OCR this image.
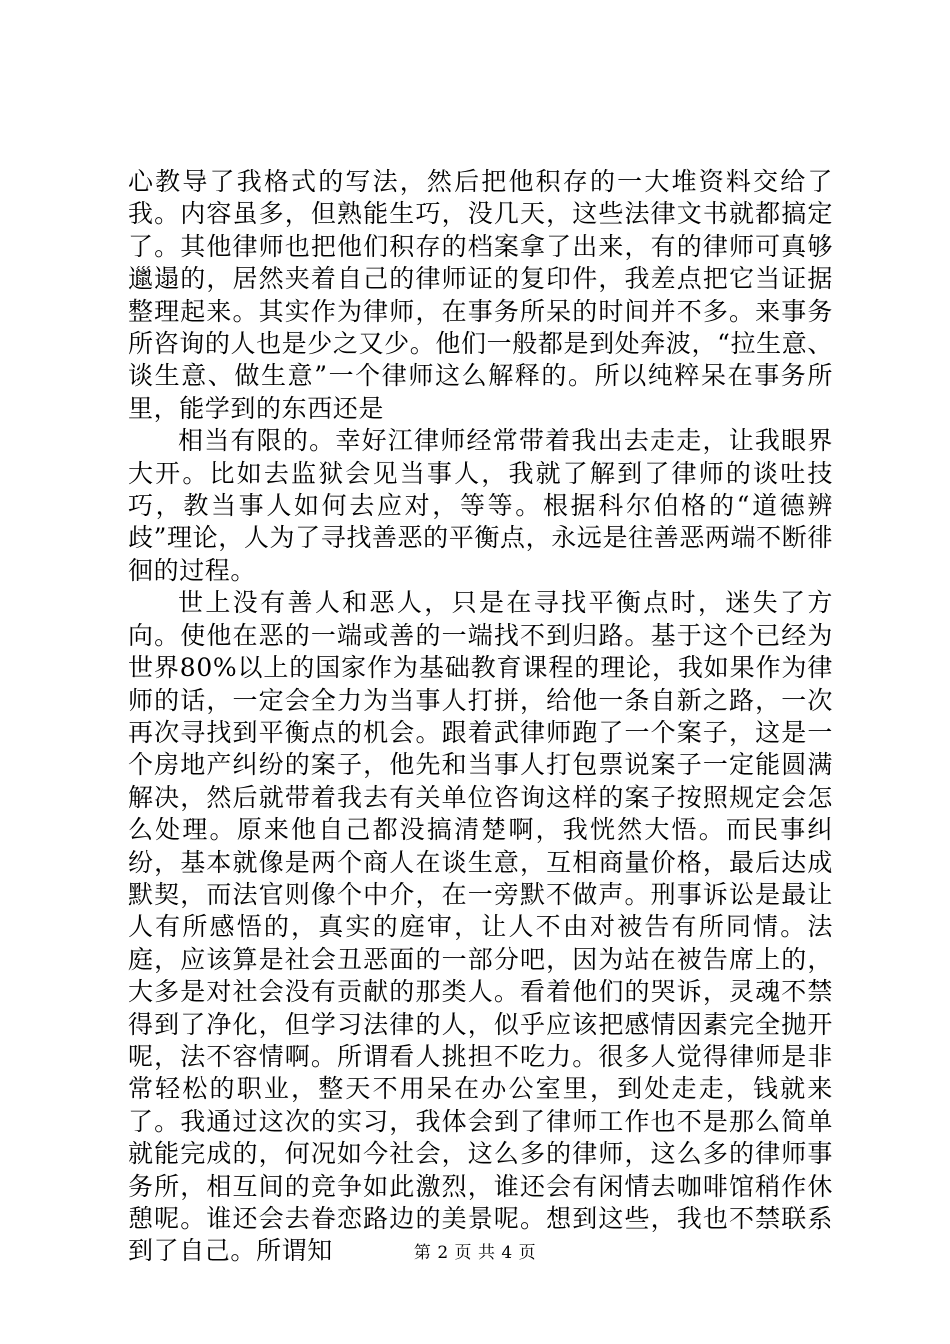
心教导了我格式的写法，然后把他积存的一大堆资料交给了我。内容虽多，但熟能生巧，没几天，这些法律文书就都搞定了。其他律师也把他们积存的档案拿了出来，有的律师可真够邋遢的，居然夹着自己的律师证的复印件，我差点把它当证据整理起来。其实作为律师，在事务所呆的时间并不多。来事务所咨询的人也是少之又少。他们一般都是到处奔波，“拉生意、谈生意、做生意”一个律师这么解释的。所以纯粹呆在事务所里，能学到的东西还是

相当有限的。幸好江律师经常带着我出去走走，让我眼界大开。比如去监狱会见当事人，我就了解到了律师的谈吐技巧，教当事人如何去应对，等等。根据科尔伯格的“道德辨歧”理论，人为了寻找善恶的平衡点，永远是往善恶两端不断徘徊的过程。

世上没有善人和恶人，只是在寻找平衡点时，迷失了方向。使他在恶的一端或善的一端找不到归路。基于这个已经为世界80%以上的国家作为基础教育课程的理论，我如果作为律师的话，一定会全力为当事人打拼，给他一条自新之路，一次再次寻找到平衡点的机会。跟着武律师跑了一个案子，这是一个房地产纠纷的案子，他先和当事人打包票说案子一定能圆满解决，然后就带着我去有关单位咨询这样的案子按照规定会怎么处理。原来他自己都没搞清楚啊，我恍然大悟。而民事纠纷，基本就像是两个商人在谈生意，互相商量价格，最后达成默契，而法官则像个中介，在一旁默不做声。刑事诉讼是最让人有所感悟的，真实的庭审，让人不由对被告有所同情。法庭，应该算是社会丑恶面的一部分吧，因为站在被告席上的，大多是对社会没有贡献的那类人。看着他们的哭诉，灵魂不禁得到了净化，但学习法律的人，似乎应该把感情因素完全抛开呢，法不容情啊。所谓看人挑担不吃力。很多人觉得律师是非常轻松的职业，整天不用呆在办公室里，到处走走，钱就来了。我通过这次的实习，我体会到了律师工作也不是那么简单就能完成的，何况如今社会，这么多的律师，这么多的律师事务所，相互间的竞争如此激烈，谁还会有闲情去咖啡馆稍作休憩呢。谁还会去眷恋路边的美景呢。想到这些，我也不禁联系到了自己。所谓知	第 2 页 共 4 页
